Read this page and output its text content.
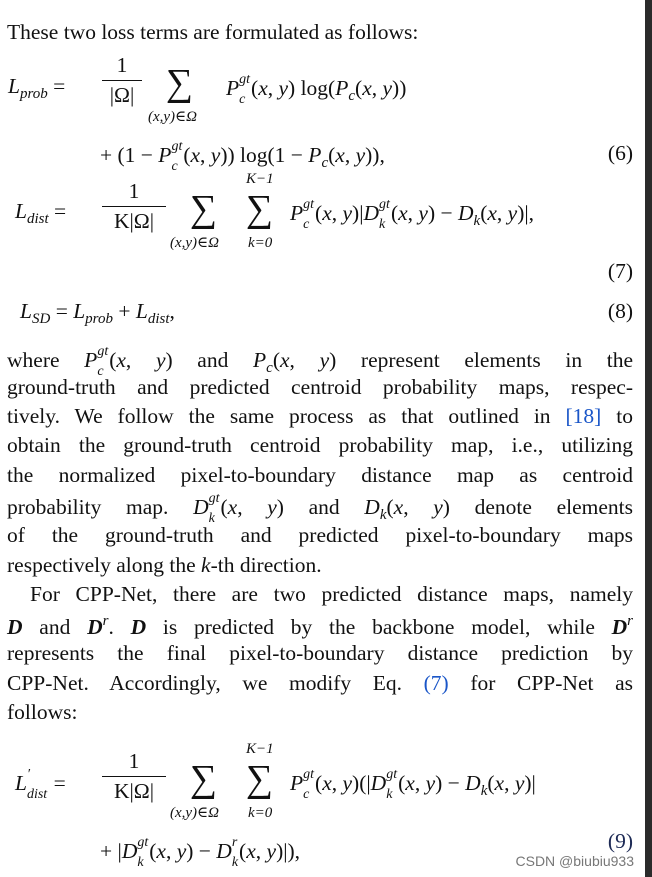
These two loss terms are formulated as follows:
$L_{prob} = \frac{1}{|\Omega|}$ ∑
(x,y)∈Ω
P gt
c (x, y) $\log(P_c(x$, y))
+ (1 − P gt
c (x, y)) $\log(1 - P_c(x$, y)),	(6)
$L_{dist} = \frac{1}{K|\Omega|}$ ∑
(x,y)∈Ω
∑
K−1
k=0
P gt
c (x, y)|D gt
k (x, $y) - D_k(x$, y)|,
(7)
$L_{SD} = L_{prob} + L_{dist}$,	(8)
where P gt
c (x, y) and $P_c(x$, y) represent elements in the
ground-truth and predicted centroid probability maps, respec-
tively. We follow the same process as that outlined in [18] to
obtain the ground-truth centroid probability map, i.e., utilizing
the normalized pixel-to-boundary distance map as centroid
probability map. D gt
k (x, y) and $D_k(x$, y) denote elements
of the ground-truth and predicted pixel-to-boundary maps
respectively along the k-th direction.
For CPP-Net, there are two predicted distance maps, namely
D and $D^r$. D is predicted by the backbone model, while $D^r$
represents the final pixel-to-boundary distance prediction by
CPP-Net. Accordingly, we modify Eq. (7) for CPP-Net as
follows:
L ′
dist = $\frac{1}{K|\Omega|}$ ∑
(x,y)∈Ω
∑
K−1
k=0
P gt
c (x, y)(|D gt
k (x, $y) - D_k(x$, y)|
+ |D gt
k (x, y) − D r
k (x, y)|),	(9)
CSDN @biubiu933
